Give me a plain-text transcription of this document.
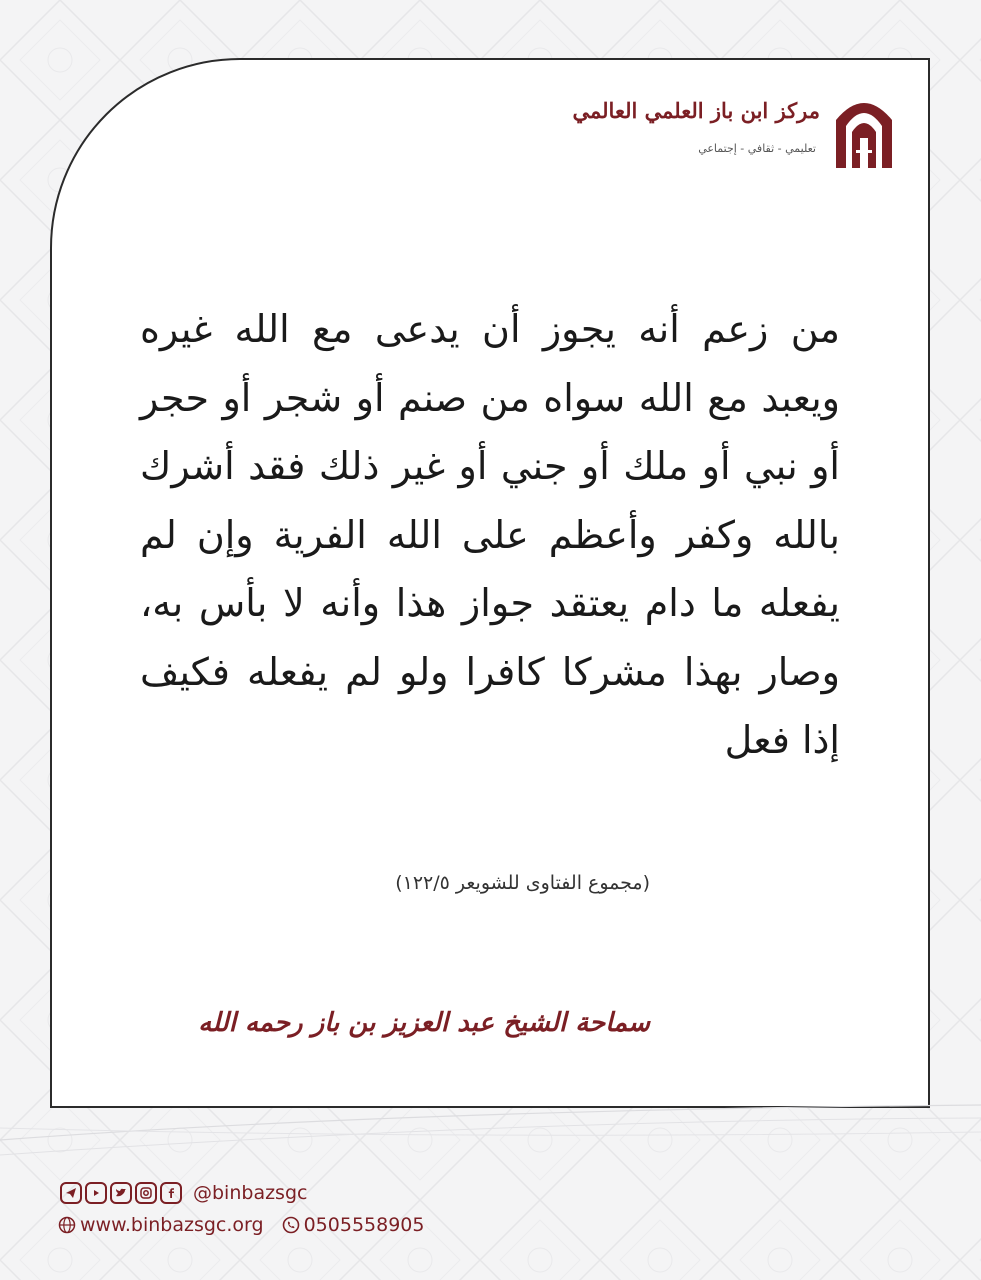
مركز ابن باز العلمي العالمي
تعليمي - ثقافي - إجتماعي

من زعم أنه يجوز أن يدعى مع الله غيره ويعبد مع الله سواه من صنم أو شجر أو حجر أو نبي أو ملك أو جني أو غير ذلك فقد أشرك بالله وكفر وأعظم على الله الفرية وإن لم يفعله ما دام يعتقد جواز هذا وأنه لا بأس به، وصار بهذا مشركا كافرا ولو لم يفعله فكيف إذا فعل

(مجموع الفتاوى للشويعر ١٢٢/٥)
سماحة الشيخ عبد العزيز بن باز رحمه الله
@binbazsgc
www.binbazsgc.org 0505558905
